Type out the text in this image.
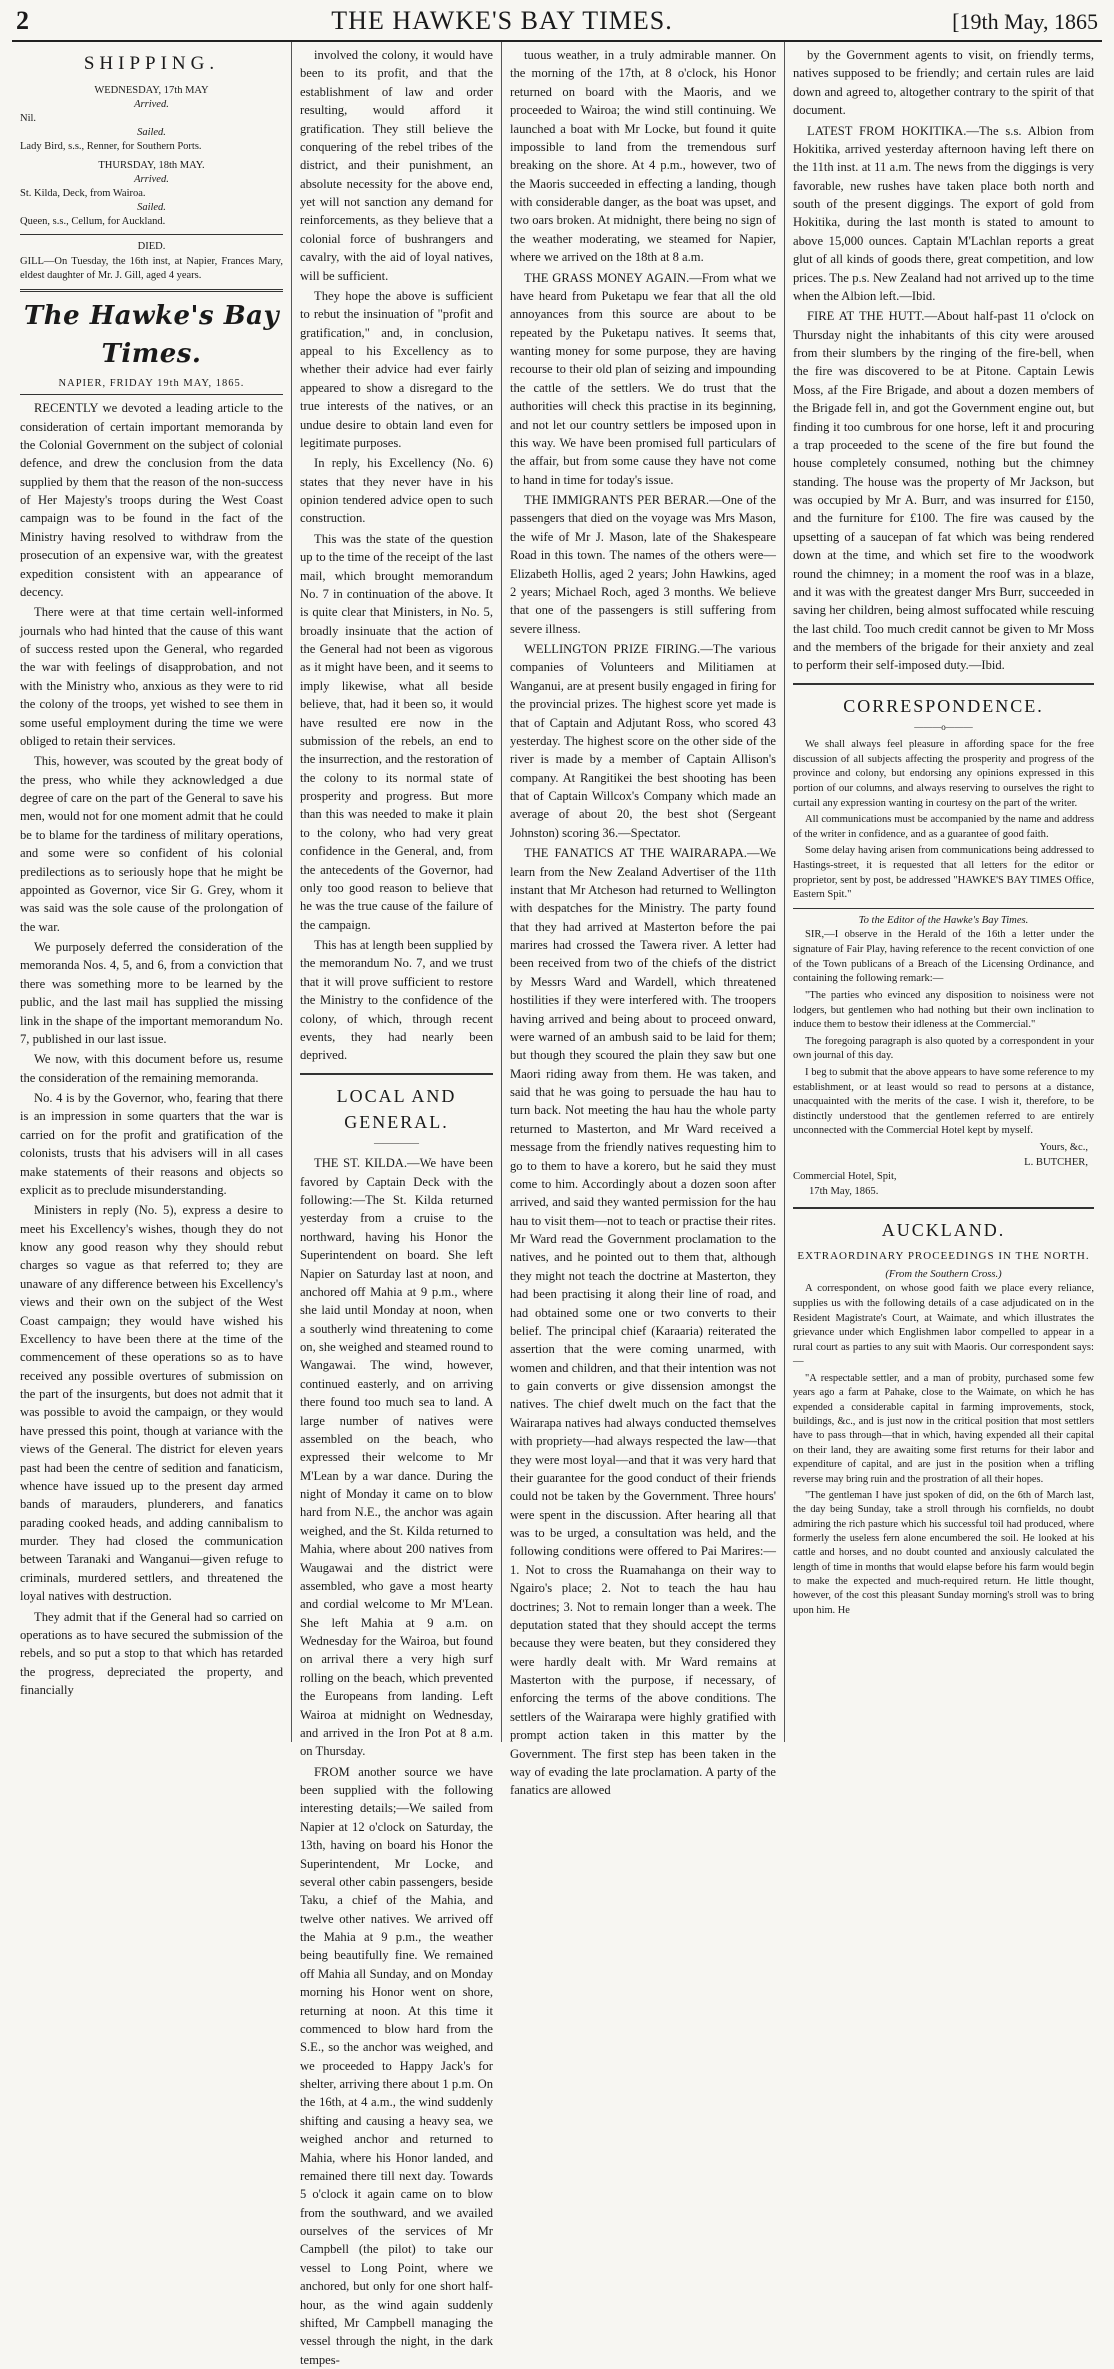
2	THE HAWKE'S BAY TIMES.	[19th May, 1865
SHIPPING.
WEDNESDAY, 17th MAY
Arrived.
Nil.
Sailed.
Lady Bird, s.s., Renner, for Southern Ports.
THURSDAY, 18th MAY.
Arrived.
St. Kilda, Deck, from Wairoa.
Sailed.
Queen, s.s., Cellum, for Auckland.
DIED.
GILL—On Tuesday, the 16th inst, at Napier, Frances Mary, eldest daughter of Mr. J. Gill, aged 4 years.
The Hawke's Bay Times.
NAPIER, FRIDAY 19th MAY, 1865.

RECENTLY we devoted a leading article to the consideration of certain important memoranda by the Colonial Government on the subject of colonial defence, and drew the conclusion from the data supplied by them that the reason of the non-success of Her Majesty's troops during the West Coast campaign was to be found in the fact of the Ministry having resolved to withdraw from the prosecution of an expensive war, with the greatest expedition consistent with an appearance of decency.

There were at that time certain well-informed journals who had hinted that the cause of this want of success rested upon the General, who regarded the war with feelings of disapprobation, and not with the Ministry who, anxious as they were to rid the colony of the troops, yet wished to see them in some useful employment during the time we were obliged to retain their services.

This, however, was scouted by the great body of the press, who while they acknowledged a due degree of care on the part of the General to save his men, would not for one moment admit that he could be to blame for the tardiness of military operations, and some were so confident of his colonial predilections as to seriously hope that he might be appointed as Governor, vice Sir G. Grey, whom it was said was the sole cause of the prolongation of the war.

We purposely deferred the consideration of the memoranda Nos. 4, 5, and 6, from a conviction that there was something more to be learned by the public, and the last mail has supplied the missing link in the shape of the important memorandum No. 7, published in our last issue.

We now, with this document before us, resume the consideration of the remaining memoranda.

No. 4 is by the Governor, who, fearing that there is an impression in some quarters that the war is carried on for the profit and gratification of the colonists, trusts that his advisers will in all cases make statements of their reasons and objects so explicit as to preclude misunderstanding.

Ministers in reply (No. 5), express a desire to meet his Excellency's wishes, though they do not know any good reason why they should rebut charges so vague as that referred to; they are unaware of any difference between his Excellency's views and their own on the subject of the West Coast campaign; they would have wished his Excellency to have been there at the time of the commencement of these operations so as to have received any possible overtures of submission on the part of the insurgents, but does not admit that it was possible to avoid the campaign, or they would have pressed this point, though at variance with the views of the General. The district for eleven years past had been the centre of sedition and fanaticism, whence have issued up to the present day armed bands of marauders, plunderers, and fanatics parading cooked heads, and adding cannibalism to murder. They had closed the communication between Taranaki and Wanganui—given refuge to criminals, murdered settlers, and threatened the loyal natives with destruction.

They admit that if the General had so carried on operations as to have secured the submission of the rebels, and so put a stop to that which has retarded the progress, depreciated the property, and financially

involved the colony, it would have been to its profit, and that the establishment of law and order resulting, would afford it gratification. They still believe the conquering of the rebel tribes of the district, and their punishment, an absolute necessity for the above end, yet will not sanction any demand for reinforcements, as they believe that a colonial force of bushrangers and cavalry, with the aid of loyal natives, will be sufficient.

They hope the above is sufficient to rebut the insinuation of "profit and gratification," and, in conclusion, appeal to his Excellency as to whether their advice had ever fairly appeared to show a disregard to the true interests of the natives, or an undue desire to obtain land even for legitimate purposes.

In reply, his Excellency (No. 6) states that they never have in his opinion tendered advice open to such construction.

This was the state of the question up to the time of the receipt of the last mail, which brought memorandum No. 7 in continuation of the above. It is quite clear that Ministers, in No. 5, broadly insinuate that the action of the General had not been as vigorous as it might have been, and it seems to imply likewise, what all beside believe, that, had it been so, it would have resulted ere now in the submission of the rebels, an end to the insurrection, and the restoration of the colony to its normal state of prosperity and progress. But more than this was needed to make it plain to the colony, who had very great confidence in the General, and, from the antecedents of the Governor, had only too good reason to believe that he was the true cause of the failure of the campaign.

This has at length been supplied by the memorandum No. 7, and we trust that it will prove sufficient to restore the Ministry to the confidence of the colony, of which, through recent events, they had nearly been deprived.

LOCAL AND GENERAL.
—————

THE ST. KILDA.—We have been favored by Captain Deck with the following:—The St. Kilda returned yesterday from a cruise to the northward, having his Honor the Superintendent on board. She left Napier on Saturday last at noon, and anchored off Mahia at 9 p.m., where she laid until Monday at noon, when a southerly wind threatening to come on, she weighed and steamed round to Wangawai. The wind, however, continued easterly, and on arriving there found too much sea to land. A large number of natives were assembled on the beach, who expressed their welcome to Mr M'Lean by a war dance. During the night of Monday it came on to blow hard from N.E., the anchor was again weighed, and the St. Kilda returned to Mahia, where about 200 natives from Waugawai and the district were assembled, who gave a most hearty and cordial welcome to Mr M'Lean. She left Mahia at 9 a.m. on Wednesday for the Wairoa, but found on arrival there a very high surf rolling on the beach, which prevented the Europeans from landing. Left Wairoa at midnight on Wednesday, and arrived in the Iron Pot at 8 a.m. on Thursday.

FROM another source we have been supplied with the following interesting details;—We sailed from Napier at 12 o'clock on Saturday, the 13th, having on board his Honor the Superintendent, Mr Locke, and several other cabin passengers, beside Taku, a chief of the Mahia, and twelve other natives. We arrived off the Mahia at 9 p.m., the weather being beautifully fine. We remained off Mahia all Sunday, and on Monday morning his Honor went on shore, returning at noon. At this time it commenced to blow hard from the S.E., so the anchor was weighed, and we proceeded to Happy Jack's for shelter, arriving there about 1 p.m. On the 16th, at 4 a.m., the wind suddenly shifting and causing a heavy sea, we weighed anchor and returned to Mahia, where his Honor landed, and remained there till next day. Towards 5 o'clock it again came on to blow from the southward, and we availed ourselves of the services of Mr Campbell (the pilot) to take our vessel to Long Point, where we anchored, but only for one short half-hour, as the wind again suddenly shifted, Mr Campbell managing the vessel through the night, in the dark tempes-

tuous weather, in a truly admirable manner. On the morning of the 17th, at 8 o'clock, his Honor returned on board with the Maoris, and we proceeded to Wairoa; the wind still continuing. We launched a boat with Mr Locke, but found it quite impossible to land from the tremendous surf breaking on the shore. At 4 p.m., however, two of the Maoris succeeded in effecting a landing, though with considerable danger, as the boat was upset, and two oars broken. At midnight, there being no sign of the weather moderating, we steamed for Napier, where we arrived on the 18th at 8 a.m.

THE GRASS MONEY AGAIN.—From what we have heard from Puketapu we fear that all the old annoyances from this source are about to be repeated by the Puketapu natives. It seems that, wanting money for some purpose, they are having recourse to their old plan of seizing and impounding the cattle of the settlers. We do trust that the authorities will check this practise in its beginning, and not let our country settlers be imposed upon in this way. We have been promised full particulars of the affair, but from some cause they have not come to hand in time for today's issue.

THE IMMIGRANTS PER BERAR.—One of the passengers that died on the voyage was Mrs Mason, the wife of Mr J. Mason, late of the Shakespeare Road in this town. The names of the others were—Elizabeth Hollis, aged 2 years; John Hawkins, aged 2 years; Michael Roch, aged 3 months. We believe that one of the passengers is still suffering from severe illness.

WELLINGTON PRIZE FIRING.—The various companies of Volunteers and Militiamen at Wanganui, are at present busily engaged in firing for the provincial prizes. The highest score yet made is that of Captain and Adjutant Ross, who scored 43 yesterday. The highest score on the other side of the river is made by a member of Captain Allison's company. At Rangitikei the best shooting has been that of Captain Willcox's Company which made an average of about 20, the best shot (Sergeant Johnston) scoring 36.—Spectator.

THE FANATICS AT THE WAIRARAPA.—We learn from the New Zealand Advertiser of the 11th instant that Mr Atcheson had returned to Wellington with despatches for the Ministry. The party found that they had arrived at Masterton before the pai marires had crossed the Tawera river. A letter had been received from two of the chiefs of the district by Messrs Ward and Wardell, which threatened hostilities if they were interfered with. The troopers having arrived and being about to proceed onward, were warned of an ambush said to be laid for them; but though they scoured the plain they saw but one Maori riding away from them. He was taken, and said that he was going to persuade the hau hau to turn back. Not meeting the hau hau the whole party returned to Masterton, and Mr Ward received a message from the friendly natives requesting him to go to them to have a korero, but he said they must come to him. Accordingly about a dozen soon after arrived, and said they wanted permission for the hau hau to visit them—not to teach or practise their rites. Mr Ward read the Government proclamation to the natives, and he pointed out to them that, although they might not teach the doctrine at Masterton, they had been practising it along their line of road, and had obtained some one or two converts to their belief. The principal chief (Karaaria) reiterated the assertion that the were coming unarmed, with women and children, and that their intention was not to gain converts or give dissension amongst the natives. The chief dwelt much on the fact that the Wairarapa natives had always conducted themselves with propriety—had always respected the law—that they were most loyal—and that it was very hard that their guarantee for the good conduct of their friends could not be taken by the Government. Three hours' were spent in the discussion. After hearing all that was to be urged, a consultation was held, and the following conditions were offered to Pai Marires:—1. Not to cross the Ruamahanga on their way to Ngairo's place; 2. Not to teach the hau hau doctrines; 3. Not to remain longer than a week. The deputation stated that they should accept the terms because they were beaten, but they considered they were hardly dealt with. Mr Ward remains at Masterton with the purpose, if necessary, of enforcing the terms of the above conditions. The settlers of the Wairarapa were highly gratified with prompt action taken in this matter by the Government. The first step has been taken in the way of evading the late proclamation. A party of the fanatics are allowed

by the Government agents to visit, on friendly terms, natives supposed to be friendly; and certain rules are laid down and agreed to, altogether contrary to the spirit of that document.

LATEST FROM HOKITIKA.—The s.s. Albion from Hokitika, arrived yesterday afternoon having left there on the 11th inst. at 11 a.m. The news from the diggings is very favorable, new rushes have taken place both north and south of the present diggings. The export of gold from Hokitika, during the last month is stated to amount to above 15,000 ounces. Captain M'Lachlan reports a great glut of all kinds of goods there, great competition, and low prices. The p.s. New Zealand had not arrived up to the time when the Albion left.—Ibid.

FIRE AT THE HUTT.—About half-past 11 o'clock on Thursday night the inhabitants of this city were aroused from their slumbers by the ringing of the fire-bell, when the fire was discovered to be at Pitone. Captain Lewis Moss, af the Fire Brigade, and about a dozen members of the Brigade fell in, and got the Government engine out, but finding it too cumbrous for one horse, left it and procuring a trap proceeded to the scene of the fire but found the house completely consumed, nothing but the chimney standing. The house was the property of Mr Jackson, but was occupied by Mr A. Burr, and was insurred for £150, and the furniture for £100. The fire was caused by the upsetting of a saucepan of fat which was being rendered down at the time, and which set fire to the woodwork round the chimney; in a moment the roof was in a blaze, and it was with the greatest danger Mrs Burr, succeeded in saving her children, being almost suffocated while rescuing the last child. Too much credit cannot be given to Mr Moss and the members of the brigade for their anxiety and zeal to perform their self-imposed duty.—Ibid.

CORRESPONDENCE.
———o———

We shall always feel pleasure in affording space for the free discussion of all subjects affecting the prosperity and progress of the province and colony, but endorsing any opinions expressed in this portion of our columns, and always reserving to ourselves the right to curtail any expression wanting in courtesy on the part of the writer.

All communications must be accompanied by the name and address of the writer in confidence, and as a guarantee of good faith.

Some delay having arisen from communications being addressed to Hastings-street, it is requested that all letters for the editor or proprietor, sent by post, be addressed "HAWKE'S BAY TIMES Office, Eastern Spit."

To the Editor of the Hawke's Bay Times.

SIR,—I observe in the Herald of the 16th a letter under the signature of Fair Play, having reference to the recent conviction of one of the Town publicans of a Breach of the Licensing Ordinance, and containing the following remark:—

"The parties who evinced any disposition to noisiness were not lodgers, but gentlemen who had nothing but their own inclination to induce them to bestow their idleness at the Commercial."

The foregoing paragraph is also quoted by a correspondent in your own journal of this day.

I beg to submit that the above appears to have some reference to my establishment, or at least would so read to persons at a distance, unacquainted with the merits of the case. I wish it, therefore, to be distinctly understood that the gentlemen referred to are entirely unconnected with the Commercial Hotel kept by myself.

Yours, &c.,
L. BUTCHER,
Commercial Hotel, Spit,
17th May, 1865.
AUCKLAND.
EXTRAORDINARY PROCEEDINGS IN THE NORTH.
(From the Southern Cross.)

A correspondent, on whose good faith we place every reliance, supplies us with the following details of a case adjudicated on in the Resident Magistrate's Court, at Waimate, and which illustrates the grievance under which Englishmen labor compelled to appear in a rural court as parties to any suit with Maoris. Our correspondent says:—

"A respectable settler, and a man of probity, purchased some few years ago a farm at Pahake, close to the Waimate, on which he has expended a considerable capital in farming improvements, stock, buildings, &c., and is just now in the critical position that most settlers have to pass through—that in which, having expended all their capital on their land, they are awaiting some first returns for their labor and expenditure of capital, and are just in the position when a trifling reverse may bring ruin and the prostration of all their hopes.

"The gentleman I have just spoken of did, on the 6th of March last, the day being Sunday, take a stroll through his cornfields, no doubt admiring the rich pasture which his successful toil had produced, where formerly the useless fern alone encumbered the soil. He looked at his cattle and horses, and no doubt counted and anxiously calculated the length of time in months that would elapse before his farm would begin to make the expected and much-required return. He little thought, however, of the cost this pleasant Sunday morning's stroll was to bring upon him. He
